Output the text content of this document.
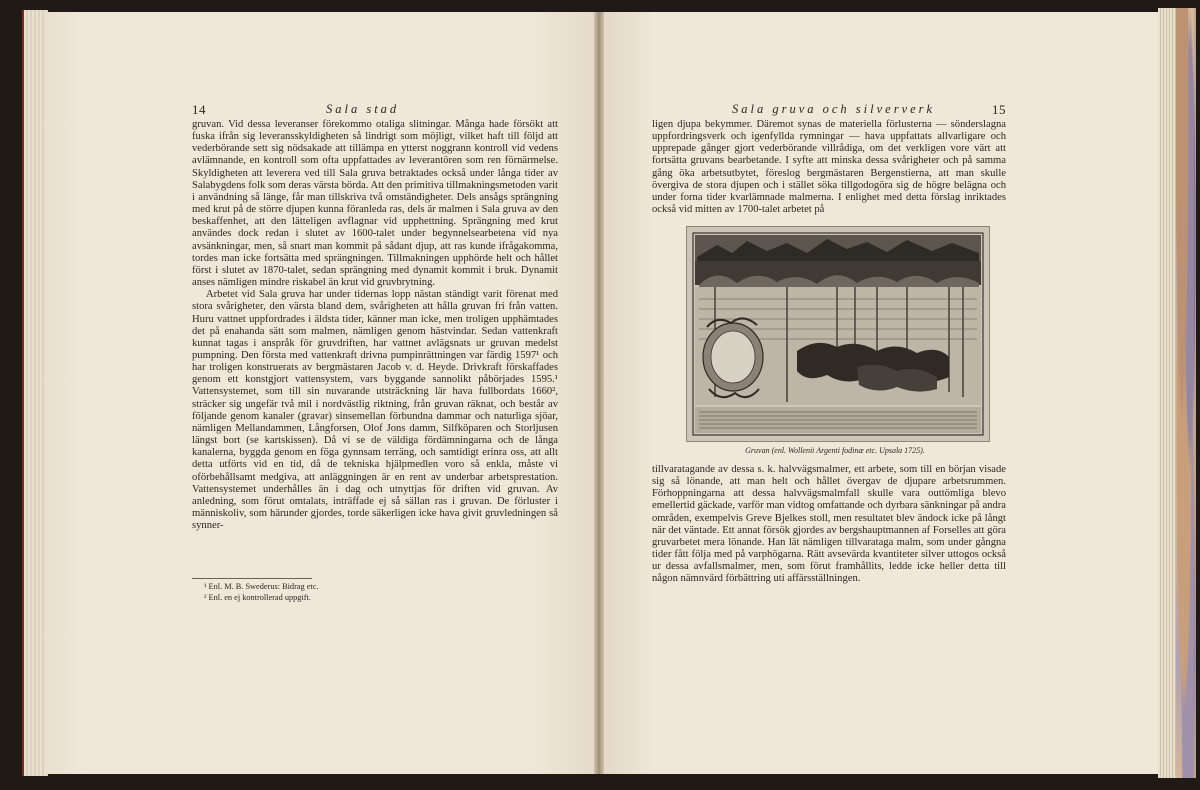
14	Sala stad

gruvan. Vid dessa leveranser förekommo otaliga slitningar. Många hade försökt att fuska ifrån sig leveransskyldigheten så lindrigt som möjligt, vilket haft till följd att vederbörande sett sig nödsakade att tillämpa en ytterst noggrann kontroll vid vedens avlämnande, en kontroll som ofta uppfattades av leverantören som ren förnärmelse. Skyldigheten att leverera ved till Sala gruva betraktades också under långa tider av Salabygdens folk som deras värsta börda. Att den primitiva tillmakningsmetoden varit i användning så länge, får man tillskriva två omständigheter. Dels ansågs sprängning med krut på de större djupen kunna föranleda ras, dels är malmen i Sala gruva av den beskaffenhet, att den lätteligen avflagnar vid upphettning. Sprängning med krut användes dock redan i slutet av 1600-talet under begynnelsearbetena vid nya avsänkningar, men, så snart man kommit på sådant djup, att ras kunde ifrågakomma, tordes man icke fortsätta med sprängningen. Tillmakningen upphörde helt och hållet först i slutet av 1870-talet, sedan sprängning med dynamit kommit i bruk. Dynamit anses nämligen mindre riskabel än krut vid gruvbrytning.

Arbetet vid Sala gruva har under tidernas lopp nästan ständigt varit förenat med stora svårigheter, den värsta bland dem, svårigheten att hålla gruvan fri från vatten. Huru vattnet uppfordrades i äldsta tider, känner man icke, men troligen upphämtades det på enahanda sätt som malmen, nämligen genom hästvindar. Sedan vattenkraft kunnat tagas i anspråk för gruvdriften, har vattnet avlägsnats ur gruvan medelst pumpning. Den första med vattenkraft drivna pumpinrättningen var färdig 1597¹ och har troligen konstruerats av bergmästaren Jacob v. d. Heyde. Drivkraft förskaffades genom ett konstgjort vattensystem, vars byggande sannolikt påbörjades 1595.¹ Vattensystemet, som till sin nuvarande utsträckning lär hava fullbordats 1660², sträcker sig ungefär två mil i nordvästlig riktning, från gruvan räknat, och består av följande genom kanaler (gravar) sinsemellan förbundna dammar och naturliga sjöar, nämligen Mellandammen, Långforsen, Olof Jons damm, Silfköparen och Storljusen längst bort (se kartskissen). Då vi se de väldiga fördämningarna och de långa kanalerna, byggda genom en föga gynnsam terräng, och samtidigt erinra oss, att allt detta utförts vid en tid, då de tekniska hjälpmedlen voro så enkla, måste vi oförbehållsamt medgiva, att anläggningen är en rent av underbar arbetsprestation. Vattensystemet underhålles än i dag och utnyttjas för driften vid gruvan. Av anledning, som förut omtalats, inträffade ej så sällan ras i gruvan. De förluster i människoliv, som härunder gjordes, torde säkerligen icke hava givit gruvledningen så synner-

¹ Enl. M. B. Swederus: Bidrag etc.
² Enl. en ej kontrollerad uppgift.
Sala gruva och silververk	15

ligen djupa bekymmer. Däremot synas de materiella förlusterna — sönderslagna uppfordringsverk och igenfyllda rymningar — hava uppfattats allvarligare och upprepade gånger gjort vederbörande villrådiga, om det verkligen vore värt att fortsätta gruvans bearbetande. I syfte att minska dessa svårigheter och på samma gång öka arbetsutbytet, föreslog bergmästaren Bergenstierna, att man skulle övergiva de stora djupen och i stället söka tillgodogöra sig de högre belägna och under forna tider kvarlämnade malmerna. I enlighet med detta förslag inriktades också vid mitten av 1700-talet arbetet på

Gruvan (enl. Wollenii Argenti fodinæ etc. Upsala 1725).

tillvaratagande av dessa s. k. halvvägsmalmer, ett arbete, som till en början visade sig så lönande, att man helt och hållet övergav de djupare arbetsrummen. Förhoppningarna att dessa halvvägsmalmfall skulle vara outtömliga blevo emellertid gäckade, varför man vidtog omfattande och dyrbara sänkningar på andra områden, exempelvis Greve Bjelkes stoll, men resultatet blev ändock icke på långt när det väntade. Ett annat försök gjordes av bergshauptmannen af Forselles att göra gruvarbetet mera lönande. Han lät nämligen tillvarataga malm, som under gångna tider fått följa med på varphögarna. Rätt avsevärda kvantiteter silver uttogos också ur dessa avfallsmalmer, men, som förut framhållits, ledde icke heller detta till någon nämnvärd förbättring uti affärsställningen.
